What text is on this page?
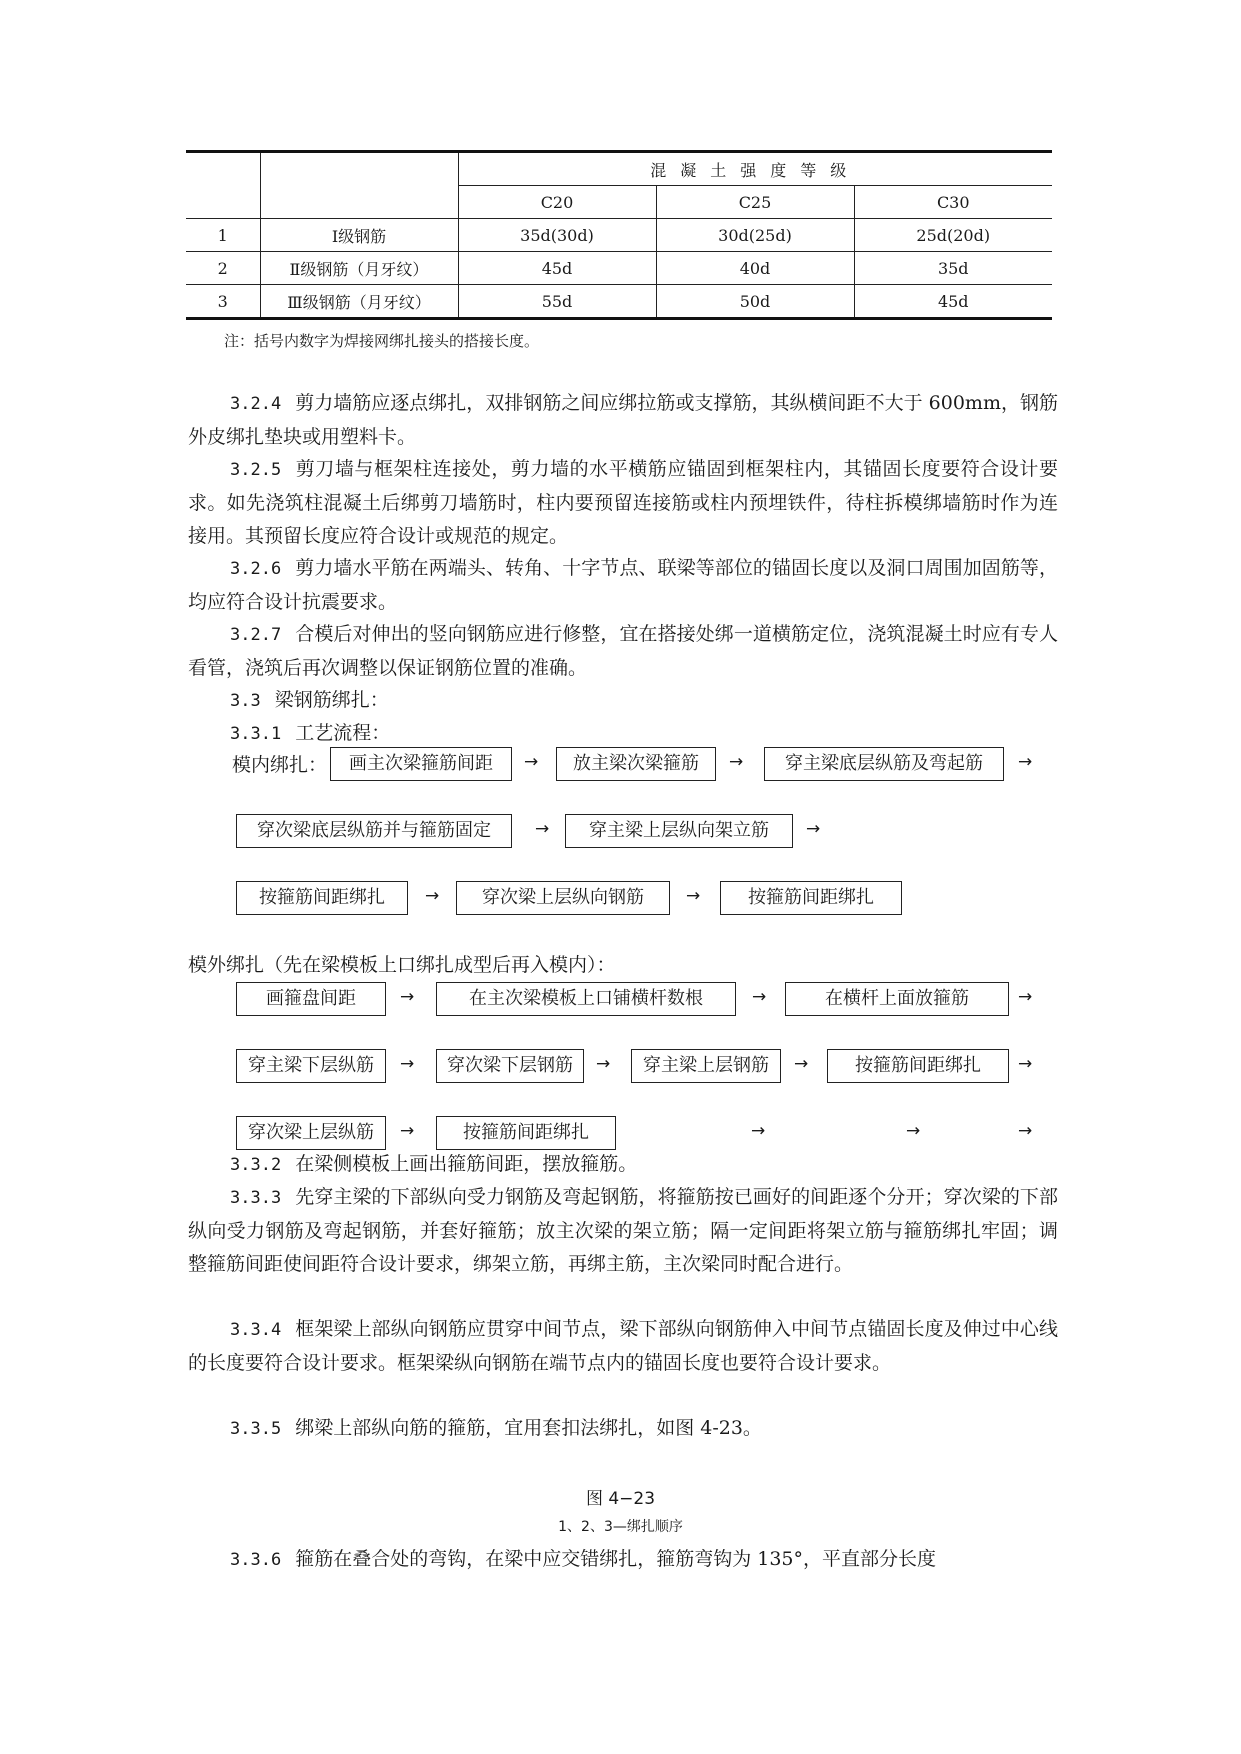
		混凝土强度等级		
		C20	C25	C30
1	Ⅰ级钢筋	35d(30d)	30d(25d)	25d(20d)
2	Ⅱ级钢筋（月牙纹）	45d	40d	35d
3	Ⅲ级钢筋（月牙纹）	55d	50d	45d
注：括号内数字为焊接网绑扎接头的搭接长度。
3.2.4 剪力墙筋应逐点绑扎，双排钢筋之间应绑拉筋或支撑筋，其纵横间距不大于 600mm，钢筋外皮绑扎垫块或用塑料卡。
3.2.5 剪刀墙与框架柱连接处，剪力墙的水平横筋应锚固到框架柱内，其锚固长度要符合设计要求。如先浇筑柱混凝土后绑剪刀墙筋时，柱内要预留连接筋或柱内预埋铁件，待柱拆模绑墙筋时作为连接用。其预留长度应符合设计或规范的规定。
3.2.6 剪力墙水平筋在两端头、转角、十字节点、联梁等部位的锚固长度以及洞口周围加固筋等，均应符合设计抗震要求。
3.2.7 合模后对伸出的竖向钢筋应进行修整，宜在搭接处绑一道横筋定位，浇筑混凝土时应有专人看管，浇筑后再次调整以保证钢筋位置的准确。
3.3 梁钢筋绑扎：
3.3.1 工艺流程：
模内绑扎：	画主次梁箍筋间距	→	放主梁次梁箍筋	→	穿主梁底层纵筋及弯起筋	→
穿次梁底层纵筋并与箍筋固定	→	穿主梁上层纵向架立筋	→
按箍筋间距绑扎	→	穿次梁上层纵向钢筋	→	按箍筋间距绑扎
模外绑扎（先在梁模板上口绑扎成型后再入模内）：
画箍盘间距	→	在主次梁模板上口铺横杆数根	→	在横杆上面放箍筋	→
穿主梁下层纵筋	→	穿次梁下层钢筋	→	穿主梁上层钢筋	→	按箍筋间距绑扎	→
穿次梁上层纵筋	→	按箍筋间距绑扎	→	→	→
3.3.2 在梁侧模板上画出箍筋间距，摆放箍筋。
3.3.3 先穿主梁的下部纵向受力钢筋及弯起钢筋，将箍筋按已画好的间距逐个分开；穿次梁的下部纵向受力钢筋及弯起钢筋，并套好箍筋；放主次梁的架立筋；隔一定间距将架立筋与箍筋绑扎牢固；调整箍筋间距使间距符合设计要求，绑架立筋，再绑主筋，主次梁同时配合进行。
3.3.4 框架梁上部纵向钢筋应贯穿中间节点，梁下部纵向钢筋伸入中间节点锚固长度及伸过中心线的长度要符合设计要求。框架梁纵向钢筋在端节点内的锚固长度也要符合设计要求。
3.3.5 绑梁上部纵向筋的箍筋，宜用套扣法绑扎，如图 4-23。
图 4−23
1、2、3—绑扎顺序
3.3.6 箍筋在叠合处的弯钩，在梁中应交错绑扎，箍筋弯钩为 135°，平直部分长度
